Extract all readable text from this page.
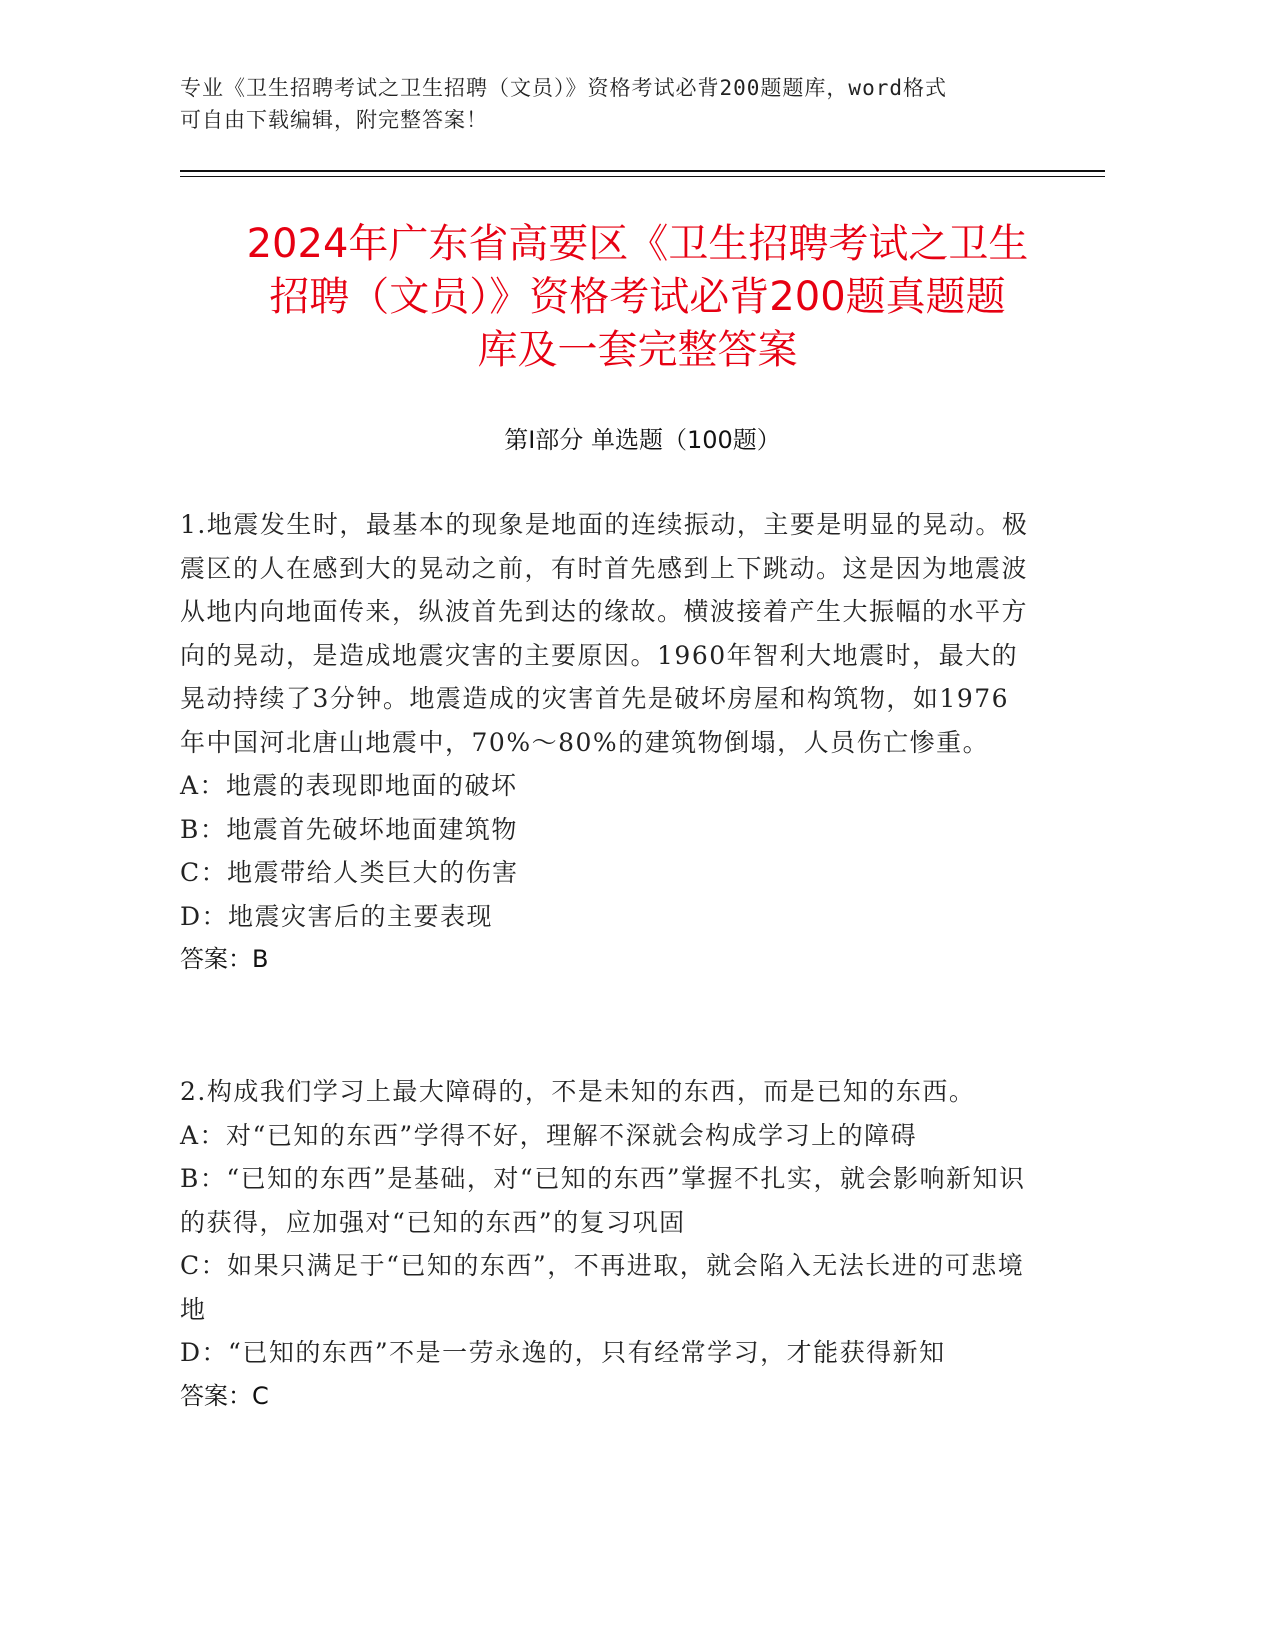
专业《卫生招聘考试之卫生招聘（文员）》资格考试必背200题题库，word格式
可自由下载编辑，附完整答案！
2024年广东省高要区《卫生招聘考试之卫生
招聘（文员）》资格考试必背200题真题题
库及一套完整答案
第Ⅰ部分 单选题（100题）

1.地震发生时，最基本的现象是地面的连续振动，主要是明显的晃动。极震区的人在感到大的晃动之前，有时首先感到上下跳动。这是因为地震波从地内向地面传来，纵波首先到达的缘故。横波接着产生大振幅的水平方向的晃动，是造成地震灾害的主要原因。1960年智利大地震时，最大的晃动持续了3分钟。地震造成的灾害首先是破坏房屋和构筑物，如1976年中国河北唐山地震中，70%～80%的建筑物倒塌，人员伤亡惨重。

A：地震的表现即地面的破坏

B：地震首先破坏地面建筑物

C：地震带给人类巨大的伤害

D：地震灾害后的主要表现

答案：B

2.构成我们学习上最大障碍的，不是未知的东西，而是已知的东西。

A：对“已知的东西”学得不好，理解不深就会构成学习上的障碍

B：“已知的东西”是基础，对“已知的东西”掌握不扎实，就会影响新知识的获得，应加强对“已知的东西”的复习巩固

C：如果只满足于“已知的东西”，不再进取，就会陷入无法长进的可悲境地

D：“已知的东西”不是一劳永逸的，只有经常学习，才能获得新知

答案：C
